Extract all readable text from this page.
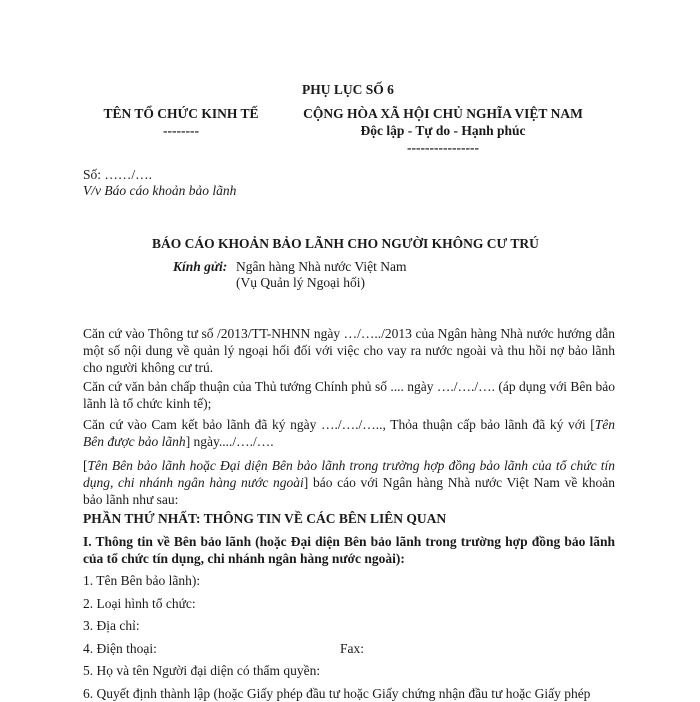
PHỤ LỤC SỐ 6
TÊN TỔ CHỨC KINH TẾ
--------
CỘNG HÒA XÃ HỘI CHỦ NGHĨA VIỆT NAM
Độc lập - Tự do - Hạnh phúc
----------------
Số: ……/….
V/v Báo cáo khoản bảo lãnh
BÁO CÁO KHOẢN BẢO LÃNH CHO NGƯỜI KHÔNG CƯ TRÚ
Kính gửi: Ngân hàng Nhà nước Việt Nam
(Vụ Quản lý Ngoại hối)
Căn cứ vào Thông tư số /2013/TT-NHNN ngày …/…../2013 của Ngân hàng Nhà nước hướng dẫn một số nội dung về quản lý ngoại hối đối với việc cho vay ra nước ngoài và thu hồi nợ bảo lãnh cho người không cư trú.
Căn cứ văn bản chấp thuận của Thủ tướng Chính phủ số .... ngày …./…./…. (áp dụng với Bên bảo lãnh là tổ chức kinh tế);
Căn cứ vào Cam kết bảo lãnh đã ký ngày …./…./….., Thỏa thuận cấp bảo lãnh đã ký với [Tên Bên được bảo lãnh] ngày..../…./….
[Tên Bên bảo lãnh hoặc Đại diện Bên bảo lãnh trong trường hợp đồng bảo lãnh của tổ chức tín dụng, chi nhánh ngân hàng nước ngoài] báo cáo với Ngân hàng Nhà nước Việt Nam về khoản bảo lãnh như sau:
PHẦN THỨ NHẤT: THÔNG TIN VỀ CÁC BÊN LIÊN QUAN
I. Thông tin về Bên bảo lãnh (hoặc Đại diện Bên bảo lãnh trong trường hợp đồng bảo lãnh của tổ chức tín dụng, chi nhánh ngân hàng nước ngoài):
1. Tên Bên bảo lãnh):
2. Loại hình tổ chức:
3. Địa chỉ:
4. Điện thoại:	Fax:
5. Họ và tên Người đại diện có thẩm quyền:
6. Quyết định thành lập (hoặc Giấy phép đầu tư hoặc Giấy chứng nhận đầu tư hoặc Giấy phép
